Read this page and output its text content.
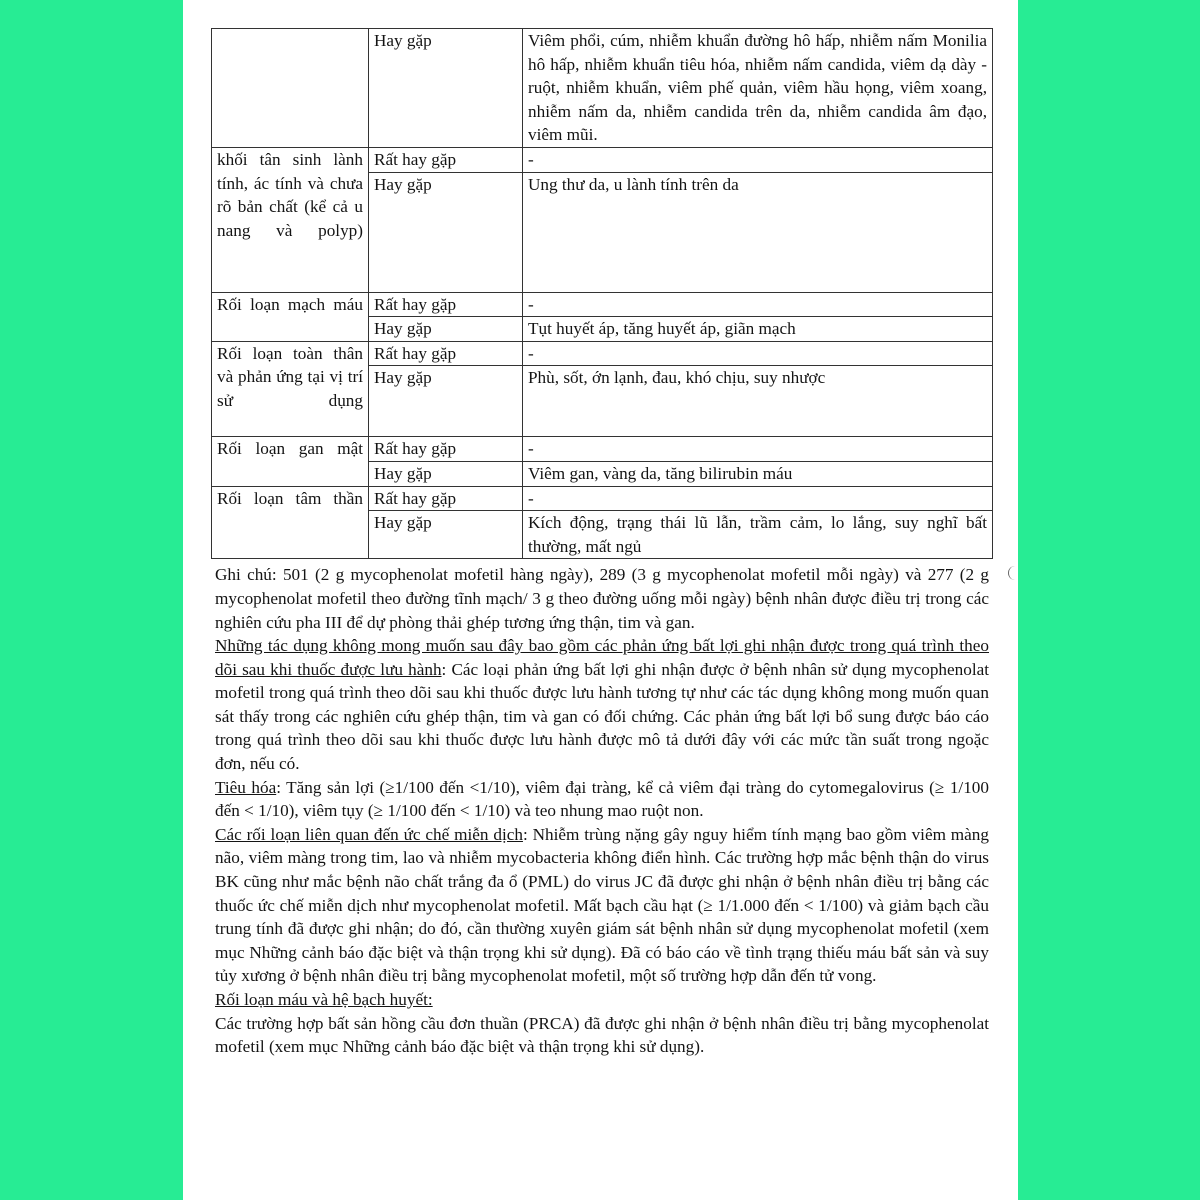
	Hay gặp	Viêm phổi, cúm, nhiễm khuẩn đường hô hấp, nhiễm nấm Monilia hô hấp, nhiễm khuẩn tiêu hóa, nhiễm nấm candida, viêm dạ dày - ruột, nhiễm khuẩn, viêm phế quản, viêm hầu họng, viêm xoang, nhiễm nấm da, nhiễm candida trên da, nhiễm candida âm đạo, viêm mũi.
khối tân sinh lành tính, ác tính và chưa rõ bản chất (kể cả u nang và polyp)	Rất hay gặp	-
	Hay gặp	Ung thư da, u lành tính trên da
Rối loạn mạch máu	Rất hay gặp	-
	Hay gặp	Tụt huyết áp, tăng huyết áp, giãn mạch
Rối loạn toàn thân và phản ứng tại vị trí sử dụng	Rất hay gặp	-
	Hay gặp	Phù, sốt, ớn lạnh, đau, khó chịu, suy nhược
Rối loạn gan mật	Rất hay gặp	-
	Hay gặp	Viêm gan, vàng da, tăng bilirubin máu
Rối loạn tâm thần	Rất hay gặp	-
	Hay gặp	Kích động, trạng thái lũ lẫn, trầm cảm, lo lắng, suy nghĩ bất thường, mất ngủ

Ghi chú: 501 (2 g mycophenolat mofetil hàng ngày), 289 (3 g mycophenolat mofetil mỗi ngày) và 277 (2 g mycophenolat mofetil theo đường tĩnh mạch/ 3 g theo đường uống mỗi ngày) bệnh nhân được điều trị trong các nghiên cứu pha III để dự phòng thải ghép tương ứng thận, tim và gan.

Những tác dụng không mong muốn sau đây bao gồm các phản ứng bất lợi ghi nhận được trong quá trình theo dõi sau khi thuốc được lưu hành: Các loại phản ứng bất lợi ghi nhận được ở bệnh nhân sử dụng mycophenolat mofetil trong quá trình theo dõi sau khi thuốc được lưu hành tương tự như các tác dụng không mong muốn quan sát thấy trong các nghiên cứu ghép thận, tim và gan có đối chứng. Các phản ứng bất lợi bổ sung được báo cáo trong quá trình theo dõi sau khi thuốc được lưu hành được mô tả dưới đây với các mức tần suất trong ngoặc đơn, nếu có.

Tiêu hóa: Tăng sản lợi (≥1/100 đến <1/10), viêm đại tràng, kể cả viêm đại tràng do cytomegalovirus (≥ 1/100 đến < 1/10), viêm tụy (≥ 1/100 đến < 1/10) và teo nhung mao ruột non.

Các rối loạn liên quan đến ức chế miễn dịch: Nhiễm trùng nặng gây nguy hiểm tính mạng bao gồm viêm màng não, viêm màng trong tim, lao và nhiễm mycobacteria không điển hình. Các trường hợp mắc bệnh thận do virus BK cũng như mắc bệnh não chất trắng đa ổ (PML) do virus JC đã được ghi nhận ở bệnh nhân điều trị bằng các thuốc ức chế miễn dịch như mycophenolat mofetil. Mất bạch cầu hạt (≥ 1/1.000 đến < 1/100) và giảm bạch cầu trung tính đã được ghi nhận; do đó, cần thường xuyên giám sát bệnh nhân sử dụng mycophenolat mofetil (xem mục Những cảnh báo đặc biệt và thận trọng khi sử dụng). Đã có báo cáo về tình trạng thiếu máu bất sản và suy tủy xương ở bệnh nhân điều trị bằng mycophenolat mofetil, một số trường hợp dẫn đến tử vong.

Rối loạn máu và hệ bạch huyết:

Các trường hợp bất sản hồng cầu đơn thuần (PRCA) đã được ghi nhận ở bệnh nhân điều trị bằng mycophenolat mofetil (xem mục Những cảnh báo đặc biệt và thận trọng khi sử dụng).
